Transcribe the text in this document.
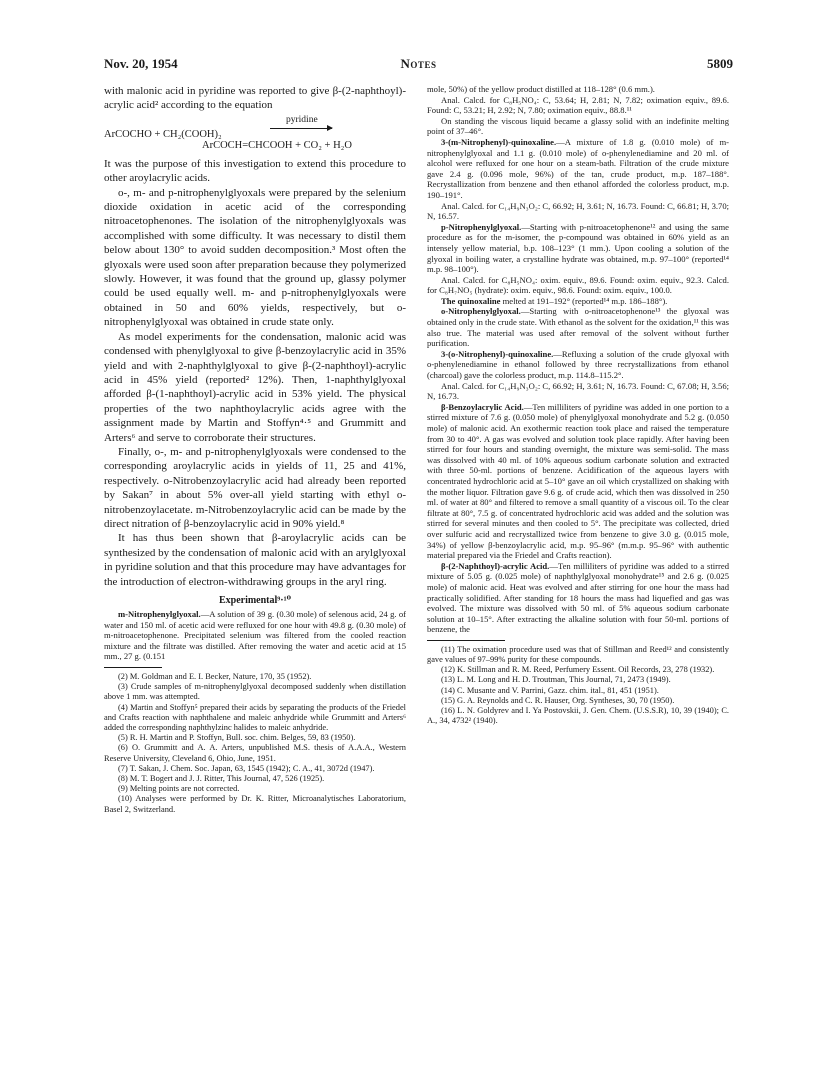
Nov. 20, 1954	Notes	5809

with malonic acid in pyridine was reported to give β-(2-naphthoyl)-acrylic acid² according to the equation

ArCOCHO + CH₂(COOH)₂
pyridine
ArCOCH=CHCOOH + CO₂ + H₂O

It was the purpose of this investigation to extend this procedure to other aroylacrylic acids.

o-, m- and p-nitrophenylglyoxals were prepared by the selenium dioxide oxidation in acetic acid of the corresponding nitroacetophenones. The isolation of the nitrophenylglyoxals was accomplished with some difficulty. It was necessary to distil them below about 130° to avoid sudden decomposition.³ Most often the glyoxals were used soon after preparation because they polymerized slowly. However, it was found that the ground up, glassy polymer could be used equally well. m- and p-nitrophenylglyoxals were obtained in 50 and 60% yields, respectively, but o-nitrophenylglyoxal was obtained in crude state only.

As model experiments for the condensation, malonic acid was condensed with phenylglyoxal to give β-benzoylacrylic acid in 35% yield and with 2-naphthylglyoxal to give β-(2-naphthoyl)-acrylic acid in 45% yield (reported² 12%). Then, 1-naphthylglyoxal afforded β-(1-naphthoyl)-acrylic acid in 53% yield. The physical properties of the two naphthoylacrylic acids agree with the assignment made by Martin and Stoffyn⁴·⁵ and Grummitt and Arters⁶ and serve to corroborate their structures.

Finally, o-, m- and p-nitrophenylglyoxals were condensed to the corresponding aroylacrylic acids in yields of 11, 25 and 41%, respectively. o-Nitrobenzoylacrylic acid had already been reported by Sakan⁷ in about 5% over-all yield starting with ethyl o-nitrobenzoylacetate. m-Nitrobenzoylacrylic acid can be made by the direct nitration of β-benzoylacrylic acid in 90% yield.⁸

It has thus been shown that β-aroylacrylic acids can be synthesized by the condensation of malonic acid with an arylglyoxal in pyridine solution and that this procedure may have advantages for the introduction of electron-withdrawing groups in the aryl ring.

Experimental⁹·¹⁰

m-Nitrophenylglyoxal.—A solution of 39 g. (0.30 mole) of selenous acid, 24 g. of water and 150 ml. of acetic acid were refluxed for one hour with 49.8 g. (0.30 mole) of m-nitroacetophenone. Precipitated selenium was filtered from the cooled reaction mixture and the filtrate was distilled. After removing the water and acetic acid at 15 mm., 27 g. (0.151

(2) M. Goldman and E. I. Becker, Nature, 170, 35 (1952).

(3) Crude samples of m-nitrophenylglyoxal decomposed suddenly when distillation above 1 mm. was attempted.

(4) Martin and Stoffyn⁵ prepared their acids by separating the products of the Friedel and Crafts reaction with naphthalene and maleic anhydride while Grummitt and Arters⁶ added the corresponding naphthylzinc halides to maleic anhydride.

(5) R. H. Martin and P. Stoffyn, Bull. soc. chim. Belges, 59, 83 (1950).

(6) O. Grummitt and A. A. Arters, unpublished M.S. thesis of A.A.A., Western Reserve University, Cleveland 6, Ohio, June, 1951.

(7) T. Sakan, J. Chem. Soc. Japan, 63, 1545 (1942); C. A., 41, 3072d (1947).

(8) M. T. Bogert and J. J. Ritter, This Journal, 47, 526 (1925).

(9) Melting points are not corrected.

(10) Analyses were performed by Dr. K. Ritter, Microanalytisches Laboratorium, Basel 2, Switzerland.

mole, 50%) of the yellow product distilled at 118–128° (0.6 mm.).

Anal. Calcd. for C₈H₅NO₄: C, 53.64; H, 2.81; N, 7.82; oximation equiv., 89.6. Found: C, 53.21; H, 2.92; N, 7.80; oximation equiv., 88.8.¹¹

On standing the viscous liquid became a glassy solid with an indefinite melting point of 37–46°.

3-(m-Nitrophenyl)-quinoxaline.—A mixture of 1.8 g. (0.010 mole) of m-nitrophenylglyoxal and 1.1 g. (0.010 mole) of o-phenylenediamine and 20 ml. of alcohol were refluxed for one hour on a steam-bath. Filtration of the crude mixture gave 2.4 g. (0.096 mole, 96%) of the tan, crude product, m.p. 187–188°. Recrystallization from benzene and then ethanol afforded the colorless product, m.p. 190–191°.

Anal. Calcd. for C₁₄H₉N₃O₂: C, 66.92; H, 3.61; N, 16.73. Found: C, 66.81; H, 3.70; N, 16.57.

p-Nitrophenylglyoxal.—Starting with p-nitroacetophenone¹² and using the same procedure as for the m-isomer, the p-compound was obtained in 60% yield as an intensely yellow material, b.p. 108–123° (1 mm.). Upon cooling a solution of the glyoxal in boiling water, a crystalline hydrate was obtained, m.p. 97–100° (reported¹⁴ m.p. 98–100°).

Anal. Calcd. for C₈H₅NO₄: oxim. equiv., 89.6. Found: oxim. equiv., 92.3. Calcd. for C₈H₇NO₅ (hydrate): oxim. equiv., 98.6. Found: oxim. equiv., 100.0.

The quinoxaline melted at 191–192° (reported¹⁴ m.p. 186–188°).

o-Nitrophenylglyoxal.—Starting with o-nitroacetophenone¹³ the glyoxal was obtained only in the crude state. With ethanol as the solvent for the oxidation,¹¹ this was also true. The material was used after removal of the solvent without further purification.

3-(o-Nitrophenyl)-quinoxaline.—Refluxing a solution of the crude glyoxal with o-phenylenediamine in ethanol followed by three recrystallizations from ethanol (charcoal) gave the colorless product, m.p. 114.8–115.2°.

Anal. Calcd. for C₁₄H₉N₃O₂: C, 66.92; H, 3.61; N, 16.73. Found: C, 67.08; H, 3.56; N, 16.73.

β-Benzoylacrylic Acid.—Ten milliliters of pyridine was added in one portion to a stirred mixture of 7.6 g. (0.050 mole) of phenylglyoxal monohydrate and 5.2 g. (0.050 mole) of malonic acid. An exothermic reaction took place and raised the temperature from 30 to 40°. A gas was evolved and solution took place rapidly. After having been stirred for four hours and standing overnight, the mixture was semi-solid. The mass was dissolved with 40 ml. of 10% aqueous sodium carbonate solution and extracted with three 50-ml. portions of benzene. Acidification of the aqueous layers with concentrated hydrochloric acid at 5–10° gave an oil which crystallized on shaking with the mother liquor. Filtration gave 9.6 g. of crude acid, which then was dissolved in 250 ml. of water at 80° and filtered to remove a small quantity of a viscous oil. To the clear filtrate at 80°, 7.5 g. of concentrated hydrochloric acid was added and the solution was stirred for several minutes and then cooled to 5°. The precipitate was collected, dried over sulfuric acid and recrystallized twice from benzene to give 3.0 g. (0.015 mole, 34%) of yellow β-benzoylacrylic acid, m.p. 95–96° (m.m.p. 95–96° with authentic material prepared via the Friedel and Crafts reaction).

β-(2-Naphthoyl)-acrylic Acid.—Ten milliliters of pyridine was added to a stirred mixture of 5.05 g. (0.025 mole) of naphthylglyoxal monohydrate¹⁵ and 2.6 g. (0.025 mole) of malonic acid. Heat was evolved and after stirring for one hour the mass had practically solidified. After standing for 18 hours the mass had liquefied and gas was evolved. The mixture was dissolved with 50 ml. of 5% aqueous sodium carbonate solution at 10–15°. After extracting the alkaline solution with four 50-ml. portions of benzene, the

(11) The oximation procedure used was that of Stillman and Reed¹² and consistently gave values of 97–99% purity for these compounds.

(12) K. Stillman and R. M. Reed, Perfumery Essent. Oil Records, 23, 278 (1932).

(13) L. M. Long and H. D. Troutman, This Journal, 71, 2473 (1949).

(14) C. Musante and V. Parrini, Gazz. chim. ital., 81, 451 (1951).

(15) G. A. Reynolds and C. R. Hauser, Org. Syntheses, 30, 70 (1950).

(16) L. N. Goldyrev and I. Ya Postovskii, J. Gen. Chem. (U.S.S.R), 10, 39 (1940); C. A., 34, 4732² (1940).
